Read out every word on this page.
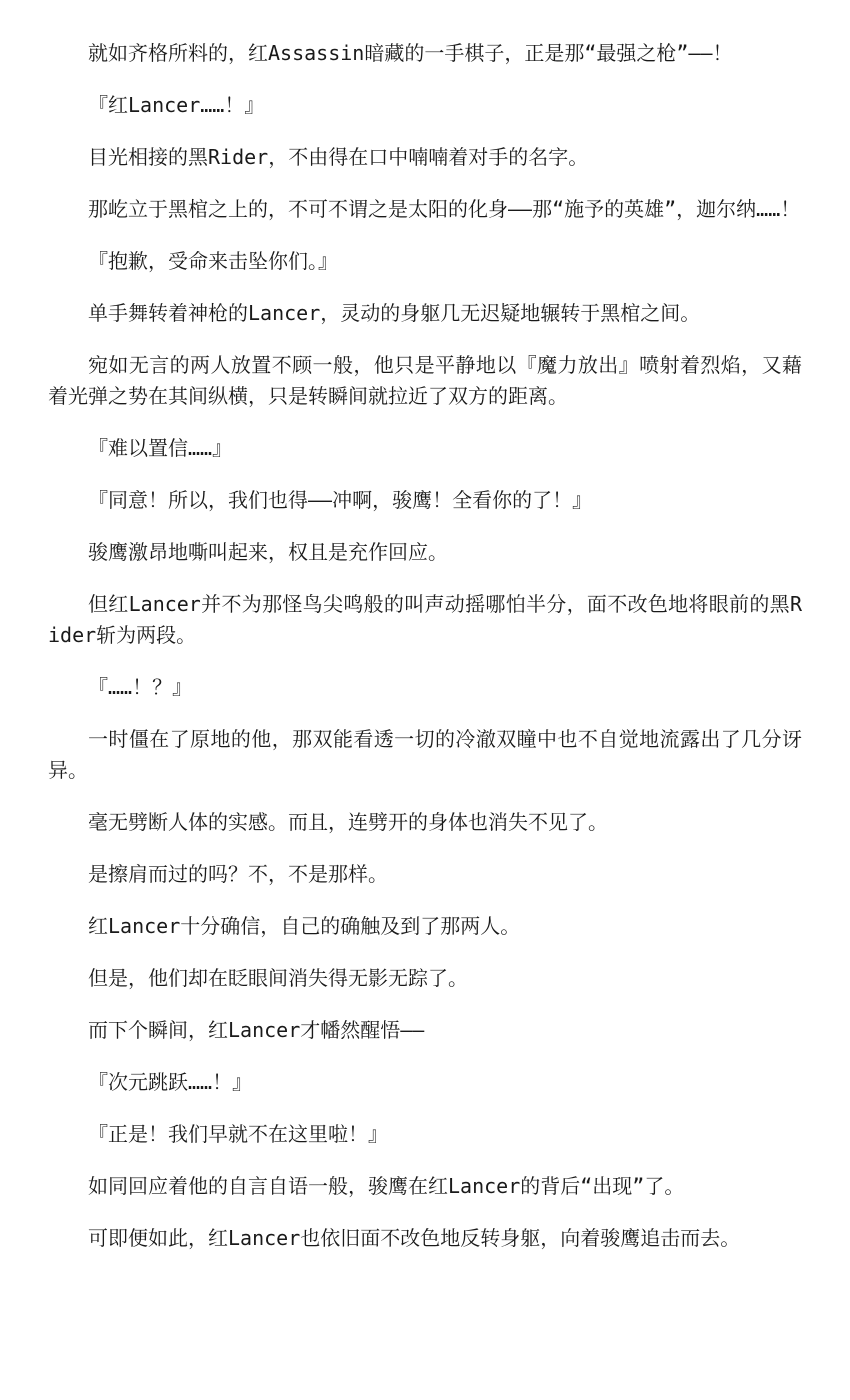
就如齐格所料的，红Assassin暗藏的一手棋子，正是那“最强之枪”——！

『红Lancer……！』

目光相接的黑Rider，不由得在口中喃喃着对手的名字。

那屹立于黑棺之上的，不可不谓之是太阳的化身——那“施予的英雄”，迦尔纳……！

『抱歉，受命来击坠你们。』

单手舞转着神枪的Lancer，灵动的身躯几无迟疑地辗转于黑棺之间。

宛如无言的两人放置不顾一般，他只是平静地以『魔力放出』喷射着烈焰，又藉着光弹之势在其间纵横，只是转瞬间就拉近了双方的距离。

『难以置信……』

『同意！所以，我们也得——冲啊，骏鹰！全看你的了！』

骏鹰激昂地嘶叫起来，权且是充作回应。

但红Lancer并不为那怪鸟尖鸣般的叫声动摇哪怕半分，面不改色地将眼前的黑Rider斩为两段。

『……！？』

一时僵在了原地的他，那双能看透一切的冷澈双瞳中也不自觉地流露出了几分讶异。

毫无劈断人体的实感。而且，连劈开的身体也消失不见了。

是擦肩而过的吗？不，不是那样。

红Lancer十分确信，自己的确触及到了那两人。

但是，他们却在眨眼间消失得无影无踪了。

而下个瞬间，红Lancer才幡然醒悟——

『次元跳跃……！』

『正是！我们早就不在这里啦！』

如同回应着他的自言自语一般，骏鹰在红Lancer的背后“出现”了。

可即便如此，红Lancer也依旧面不改色地反转身躯，向着骏鹰追击而去。
